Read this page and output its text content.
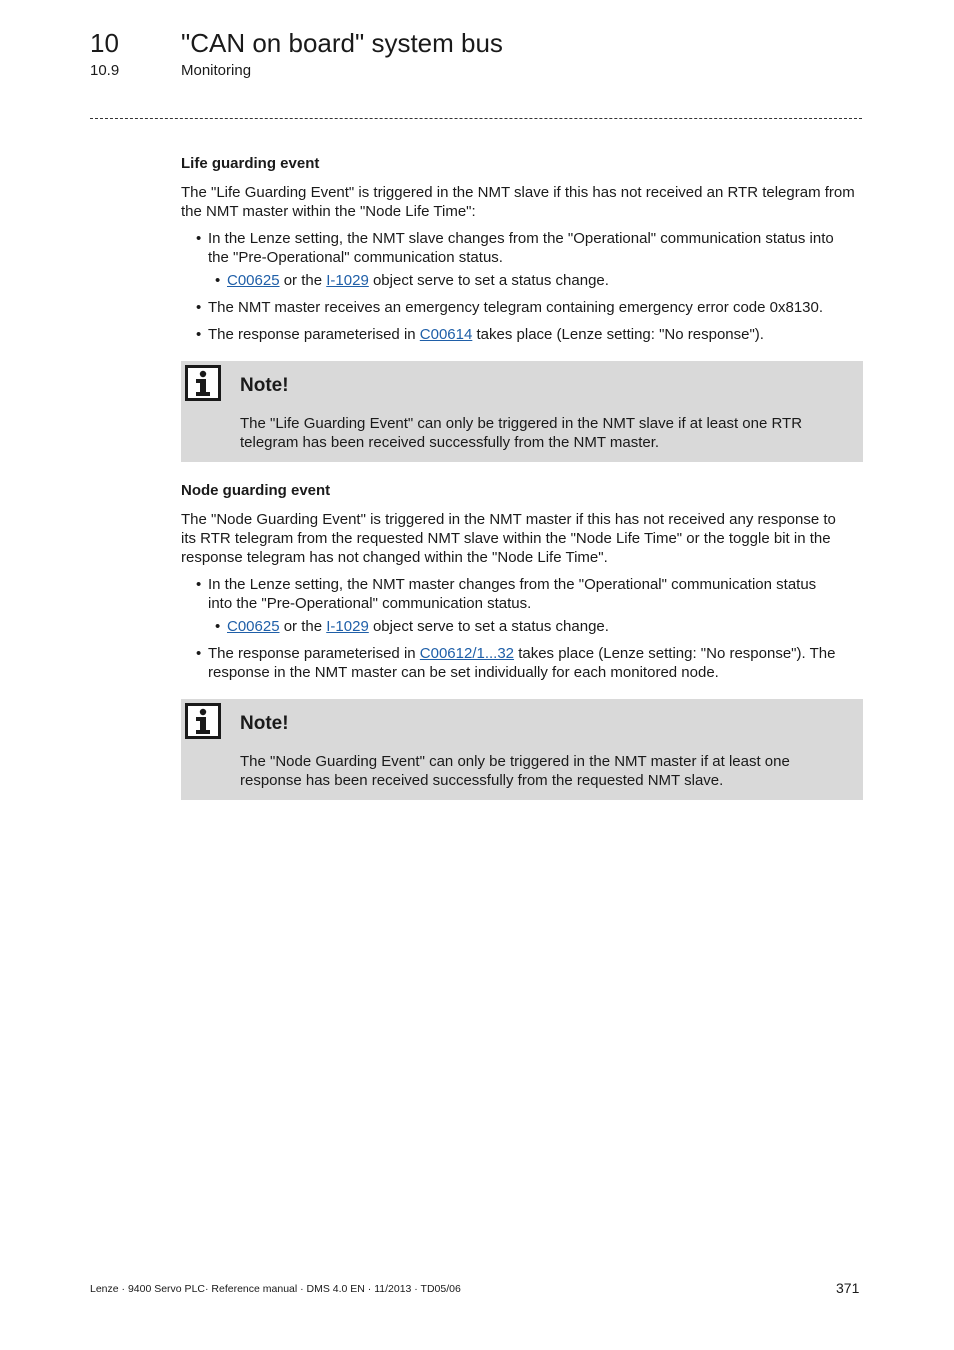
10 "CAN on board" system bus
10.9	Monitoring
Life guarding event
The "Life Guarding Event" is triggered in the NMT slave if this has not received an RTR telegram from
the NMT master within the "Node Life Time":
• In the Lenze setting, the NMT slave changes from the "Operational" communication status into
the "Pre-Operational" communication status.
• C00625 or the I-1029 object serve to set a status change.
• The NMT master receives an emergency telegram containing emergency error code 0x8130.
• The response parameterised in C00614 takes place (Lenze setting: "No response").
Note!
The "Life Guarding Event" can only be triggered in the NMT slave if at least one RTR
telegram has been received successfully from the NMT master.
Node guarding event
The "Node Guarding Event" is triggered in the NMT master if this has not received any response to
its RTR telegram from the requested NMT slave within the "Node Life Time" or the toggle bit in the
response telegram has not changed within the "Node Life Time".
• In the Lenze setting, the NMT master changes from the "Operational" communication status
into the "Pre-Operational" communication status.
• C00625 or the I-1029 object serve to set a status change.
• The response parameterised in C00612/1...32 takes place (Lenze setting: "No response"). The
response in the NMT master can be set individually for each monitored node.
Note!
The "Node Guarding Event" can only be triggered in the NMT master if at least one
response has been received successfully from the requested NMT slave.
Lenze · 9400 Servo PLC· Reference manual · DMS 4.0 EN · 11/2013 · TD05/06	371
